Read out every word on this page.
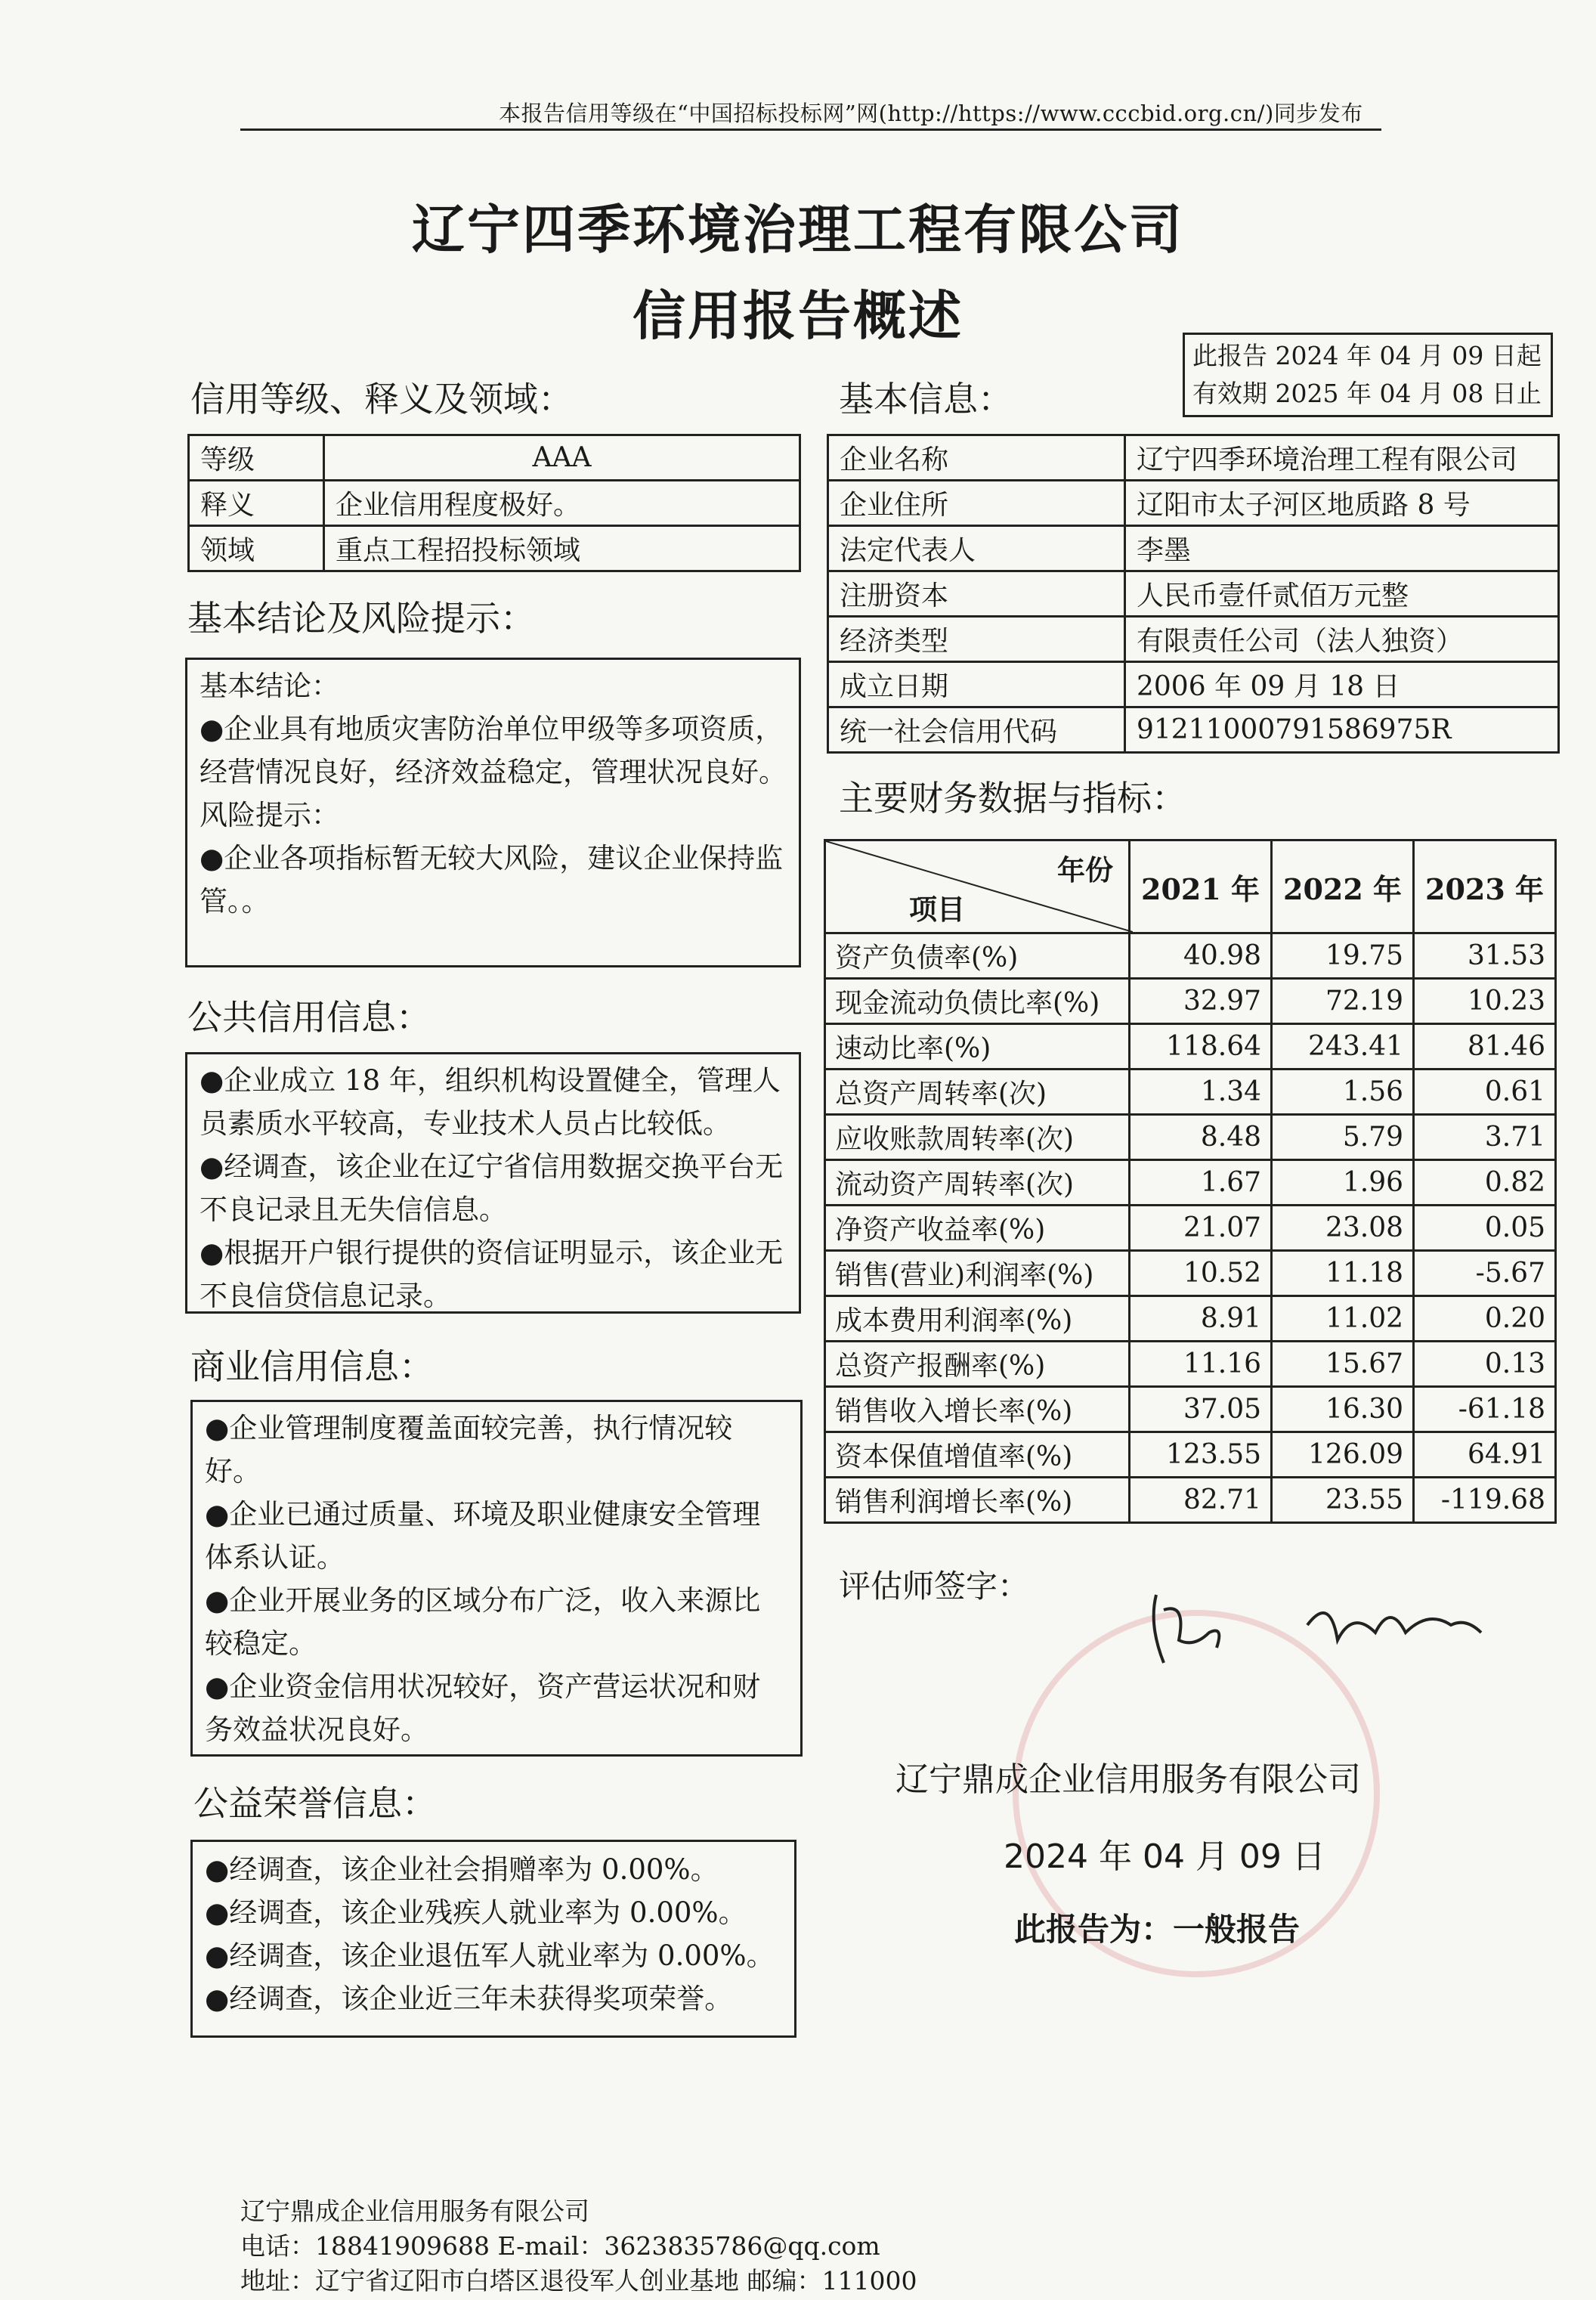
本报告信用等级在“中国招标投标网”网(http://https://www.cccbid.org.cn/)同步发布
辽宁四季环境治理工程有限公司
信用报告概述
此报告 2024 年 04 月 09 日起
有效期 2025 年 04 月 08 日止
信用等级、释义及领域：
等级	AAA
释义	企业信用程度极好。
领域	重点工程招投标领域
基本结论及风险提示：

基本结论：

●企业具有地质灾害防治单位甲级等多项资质，经营情况良好，经济效益稳定，管理状况良好。

风险提示：

●企业各项指标暂无较大风险，建议企业保持监管。。

公共信用信息：

●企业成立 18 年，组织机构设置健全，管理人员素质水平较高，专业技术人员占比较低。

●经调查，该企业在辽宁省信用数据交换平台无不良记录且无失信信息。

●根据开户银行提供的资信证明显示，该企业无不良信贷信息记录。

商业信用信息：

●企业管理制度覆盖面较完善，执行情况较好。

●企业已通过质量、环境及职业健康安全管理体系认证。

●企业开展业务的区域分布广泛，收入来源比较稳定。

●企业资金信用状况较好，资产营运状况和财务效益状况良好。

公益荣誉信息：

●经调查，该企业社会捐赠率为 0.00%。

●经调查，该企业残疾人就业率为 0.00%。

●经调查，该企业退伍军人就业率为 0.00%。

●经调查，该企业近三年未获得奖项荣誉。

基本信息：
企业名称	辽宁四季环境治理工程有限公司
企业住所	辽阳市太子河区地质路 8 号
法定代表人	李墨
注册资本	人民币壹仟贰佰万元整
经济类型	有限责任公司（法人独资）
成立日期	2006 年 09 月 18 日
统一社会信用代码	91211000791586975R
主要财务数据与指标：
年份
项目	2021 年	2022 年	2023 年
资产负债率(%)	40.98	19.75	31.53
现金流动负债比率(%)	32.97	72.19	10.23
速动比率(%)	118.64	243.41	81.46
总资产周转率(次)	1.34	1.56	0.61
应收账款周转率(次)	8.48	5.79	3.71
流动资产周转率(次)	1.67	1.96	0.82
净资产收益率(%)	21.07	23.08	0.05
销售(营业)利润率(%)	10.52	11.18	-5.67
成本费用利润率(%)	8.91	11.02	0.20
总资产报酬率(%)	11.16	15.67	0.13
销售收入增长率(%)	37.05	16.30	-61.18
资本保值增值率(%)	123.55	126.09	64.91
销售利润增长率(%)	82.71	23.55	-119.68
评估师签字：
辽宁鼎成企业信用服务有限公司
2024 年 04 月 09 日
此报告为：一般报告
辽宁鼎成企业信用服务有限公司
电话：18841909688 E-mail：3623835786@qq.com
地址：辽宁省辽阳市白塔区退役军人创业基地 邮编：111000
